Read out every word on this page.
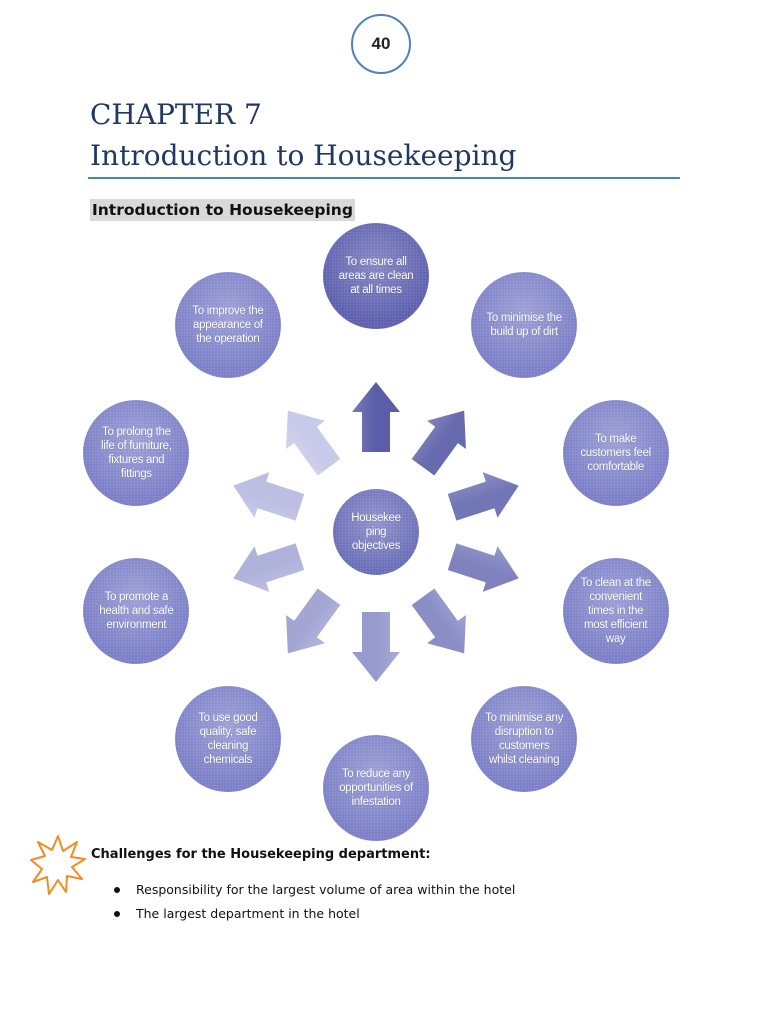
40
CHAPTER 7
Introduction to Housekeeping
Introduction to Housekeeping
Housekee ping objectives
To ensure all areas are clean at all times
To minimise the build up of dirt
To make customers feel comfortable
To clean at the convenient times in the most efficient way
To minimise any disruption to customers whilst cleaning
To reduce any opportunities of infestation
To use good quality, safe cleaning chemicals
To promote a health and safe environment
To prolong the life of furniture, fixtures and fittings
To improve the appearance of the operation

Challenges for the Housekeeping department:

Responsibility for the largest volume of area within the hotel
The largest department in the hotel
